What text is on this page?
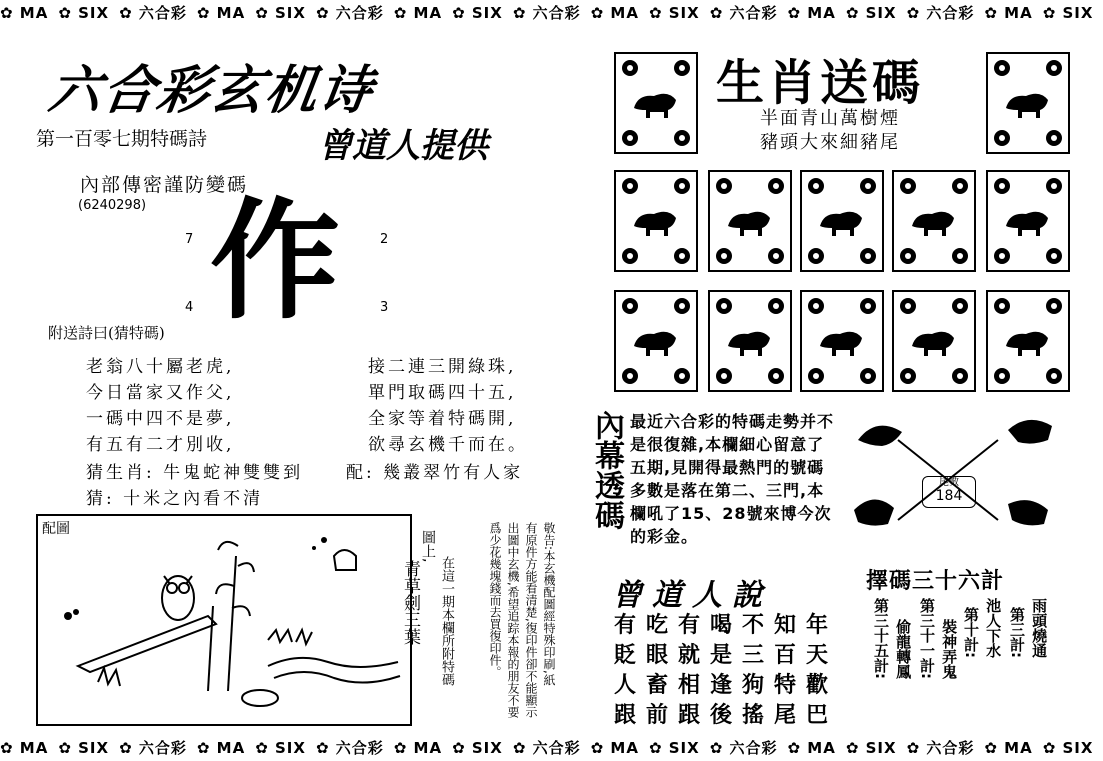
✿ MA ✿ SIX ✿ 六合彩 ✿ MA ✿ SIX ✿ 六合彩 ✿ MA ✿ SIX ✿ 六合彩 ✿ MA ✿ SIX ✿ 六合彩 ✿ MA ✿ SIX ✿ 六合彩 ✿ MA ✿ SIX
✿ MA ✿ SIX ✿ 六合彩 ✿ MA ✿ SIX ✿ 六合彩 ✿ MA ✿ SIX ✿ 六合彩 ✿ MA ✿ SIX ✿ 六合彩 ✿ MA ✿ SIX ✿ 六合彩 ✿ MA ✿ SIX
六合彩玄机诗
第一百零七期特碼詩	曾道人提供
內部傳密謹防變碼
(6240298)
7	2
4	3
作
附送詩曰(猜特碼)
老翁八十屬老虎,
今日當家又作父,
一碼中四不是夢,
有五有二才別收,
接二連三開綠珠,
單門取碼四十五,
全家等着特碼開,
欲尋玄機千而在。
猜生肖: 牛鬼蛇神雙雙到	配: 幾叢翠竹有人家
猜: 十米之內看不清
配圖
圖上,
在這一期本欄所附特碼
青草劍三葉	敬告:本玄機配圖經特殊印刷,紙
有原件方能看清楚,復印件卻不能顯示
出圖中玄機,希望追踪本報的朋友不要
爲少花幾塊錢而去買復印件。
生肖送碼
半面青山萬樹煙
豬頭大來細豬尾
內幕透碼 最近六合彩的特碼走勢并不是很復雜,本欄細心留意了五期,見開得最熱門的號碼多數是落在第二、三門,本欄吼了15、28號來博今次的彩金。
尾數
184
曾道人說
有吃有喝不知年
貶眼就是三百天
人畜相逢狗特歡
跟前跟後搖尾巴
擇碼三十六計
第三十五計: 偷龍轉鳳 第三十一計: 裝神弄鬼 第十計: 池人下水 第三計: 雨頭燒通
